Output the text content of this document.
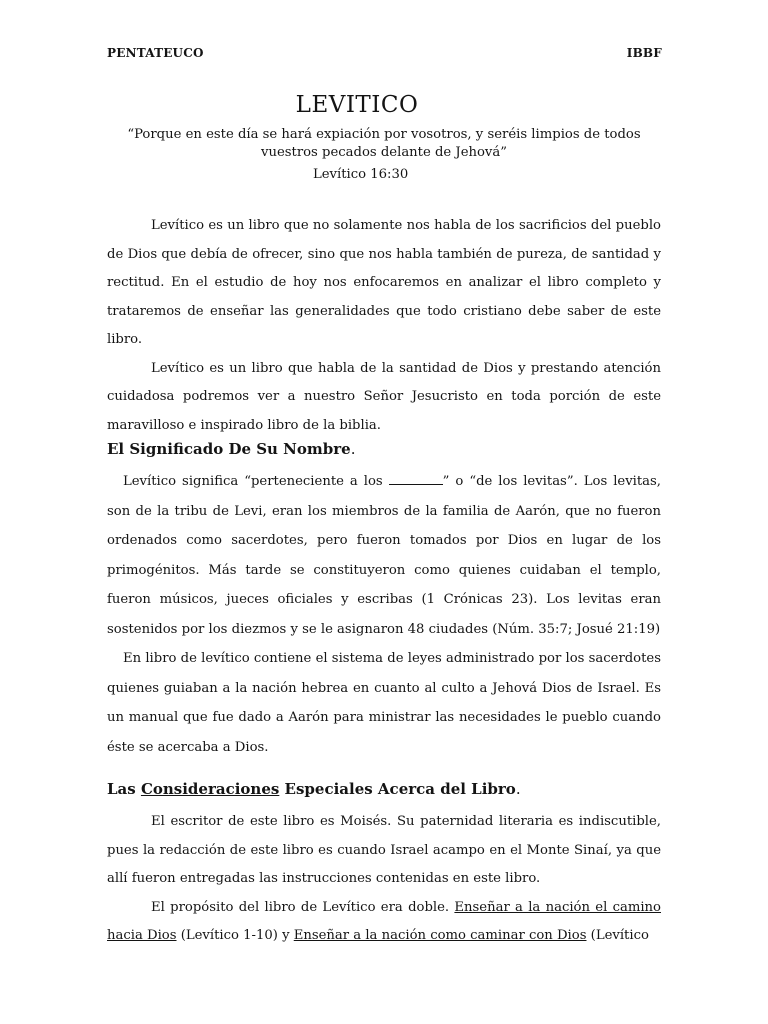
PENTATEUCO	IBBF
LEVITICO
“Porque en este día se hará expiación por vosotros, y seréis limpios de todos vuestros pecados delante de Jehová”
Levítico 16:30

Levítico es un libro que no solamente nos habla de los sacrificios del pueblo de Dios que debía de ofrecer, sino que nos habla también de pureza, de santidad y rectitud. En el estudio de hoy nos enfocaremos en analizar el libro completo y trataremos de enseñar las generalidades que todo cristiano debe saber de este libro.

Levítico es un libro que habla de la santidad de Dios y prestando atención cuidadosa podremos ver a nuestro Señor Jesucristo en toda porción de este maravilloso e inspirado libro de la biblia.

El Significado De Su Nombre.

Levítico significa “perteneciente a los	” o “de los levitas”. Los levitas, son de la tribu de Levi, eran los miembros de la familia de Aarón, que no fueron ordenados como sacerdotes, pero fueron tomados por Dios en lugar de los primogénitos. Más tarde se constituyeron como quienes cuidaban el templo, fueron músicos, jueces oficiales y escribas (1 Crónicas 23). Los levitas eran sostenidos por los diezmos y se le asignaron 48 ciudades (Núm. 35:7; Josué 21:19)

En libro de levítico contiene el sistema de leyes administrado por los sacerdotes quienes guiaban a la nación hebrea en cuanto al culto a Jehová Dios de Israel. Es un manual que fue dado a Aarón para ministrar las necesidades le pueblo cuando éste se acercaba a Dios.

Las Consideraciones Especiales Acerca del Libro.

El escritor de este libro es Moisés. Su paternidad literaria es indiscutible, pues la redacción de este libro es cuando Israel acampo en el Monte Sinaí, ya que allí fueron entregadas las instrucciones contenidas en este libro.

El propósito del libro de Levítico era doble. Enseñar a la nación el camino hacia Dios (Levítico 1-10) y Enseñar a la nación como caminar con Dios (Levítico
